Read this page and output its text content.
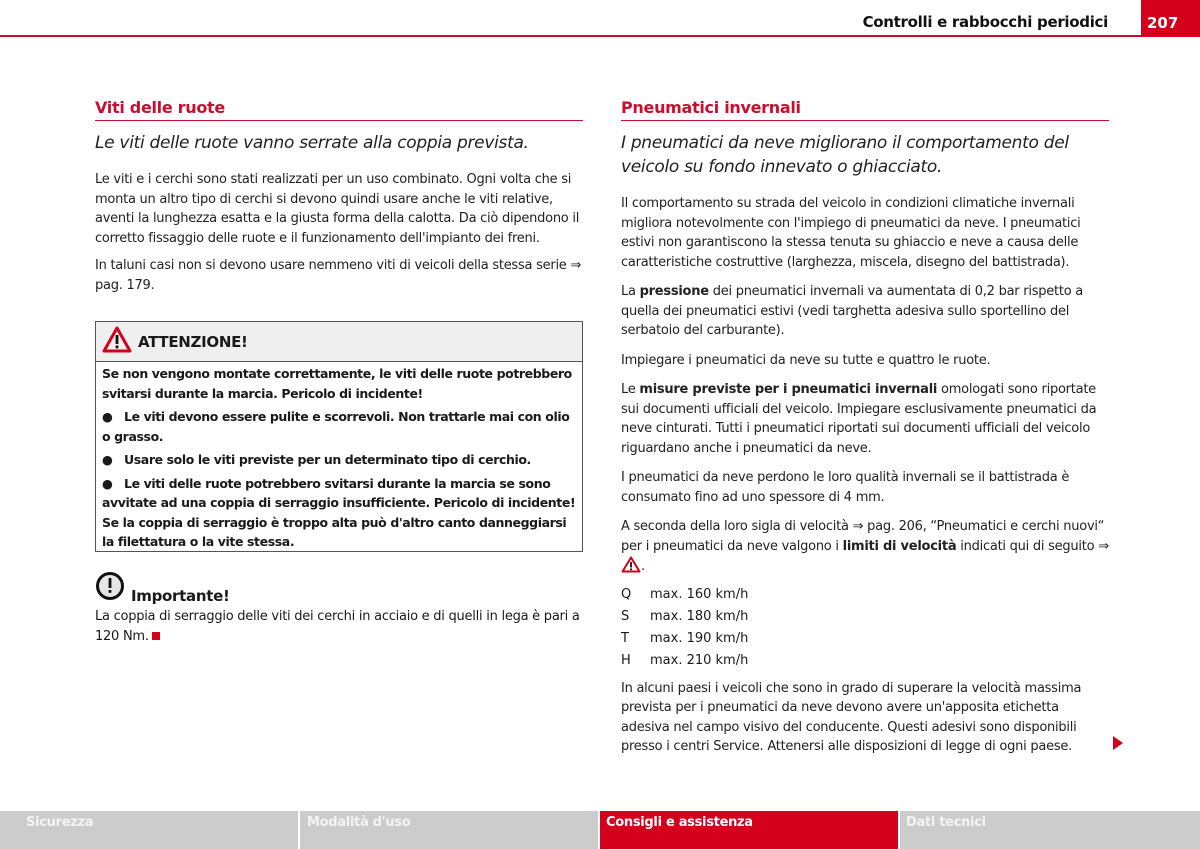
Controlli e rabbocchi periodici	207
Viti delle ruote
Le viti delle ruote vanno serrate alla coppia prevista.

Le viti e i cerchi sono stati realizzati per un uso combinato. Ogni volta che si monta un altro tipo di cerchi si devono quindi usare anche le viti relative, aventi la lunghezza esatta e la giusta forma della calotta. Da ciò dipendono il corretto fissaggio delle ruote e il funzionamento dell'impianto dei freni.

In taluni casi non si devono usare nemmeno viti di veicoli della stessa serie ⇒ pag. 179.

ATTENZIONE!
Se non vengono montate correttamente, le viti delle ruote potrebbero svitarsi durante la marcia. Pericolo di incidente!
● Le viti devono essere pulite e scorrevoli. Non trattarle mai con olio o grasso.
● Usare solo le viti previste per un determinato tipo di cerchio.
● Le viti delle ruote potrebbero svitarsi durante la marcia se sono avvitate ad una coppia di serraggio insufficiente. Pericolo di incidente! Se la coppia di serraggio è troppo alta può d'altro canto danneggiarsi la filettatura o la vite stessa.
Importante!

La coppia di serraggio delle viti dei cerchi in acciaio e di quelli in lega è pari a 120 Nm.

Pneumatici invernali
I pneumatici da neve migliorano il comportamento del veicolo su fondo innevato o ghiacciato.

Il comportamento su strada del veicolo in condizioni climatiche invernali migliora notevolmente con l'impiego di pneumatici da neve. I pneumatici estivi non garantiscono la stessa tenuta su ghiaccio e neve a causa delle caratteristiche costruttive (larghezza, miscela, disegno del battistrada).

La pressione dei pneumatici invernali va aumentata di 0,2 bar rispetto a quella dei pneumatici estivi (vedi targhetta adesiva sullo sportellino del serbatoio del carburante).

Impiegare i pneumatici da neve su tutte e quattro le ruote.

Le misure previste per i pneumatici invernali omologati sono riportate sui documenti ufficiali del veicolo. Impiegare esclusivamente pneumatici da neve cinturati. Tutti i pneumatici riportati sui documenti ufficiali del veicolo riguardano anche i pneumatici da neve.

I pneumatici da neve perdono le loro qualità invernali se il battistrada è consumato fino ad uno spessore di 4 mm.

A seconda della loro sigla di velocità ⇒ pag. 206, “Pneumatici e cerchi nuovi“ per i pneumatici da neve valgono i limiti di velocità indicati qui di seguito ⇒ .

Q	max. 160 km/h
S	max. 180 km/h
T	max. 190 km/h
H	max. 210 km/h

In alcuni paesi i veicoli che sono in grado di superare la velocità massima prevista per i pneumatici da neve devono avere un'apposita etichetta adesiva nel campo visivo del conducente. Questi adesivi sono disponibili presso i centri Service. Attenersi alle disposizioni di legge di ogni paese.

Sicurezza	Modalità d'uso	Consigli e assistenza	Dati tecnici
